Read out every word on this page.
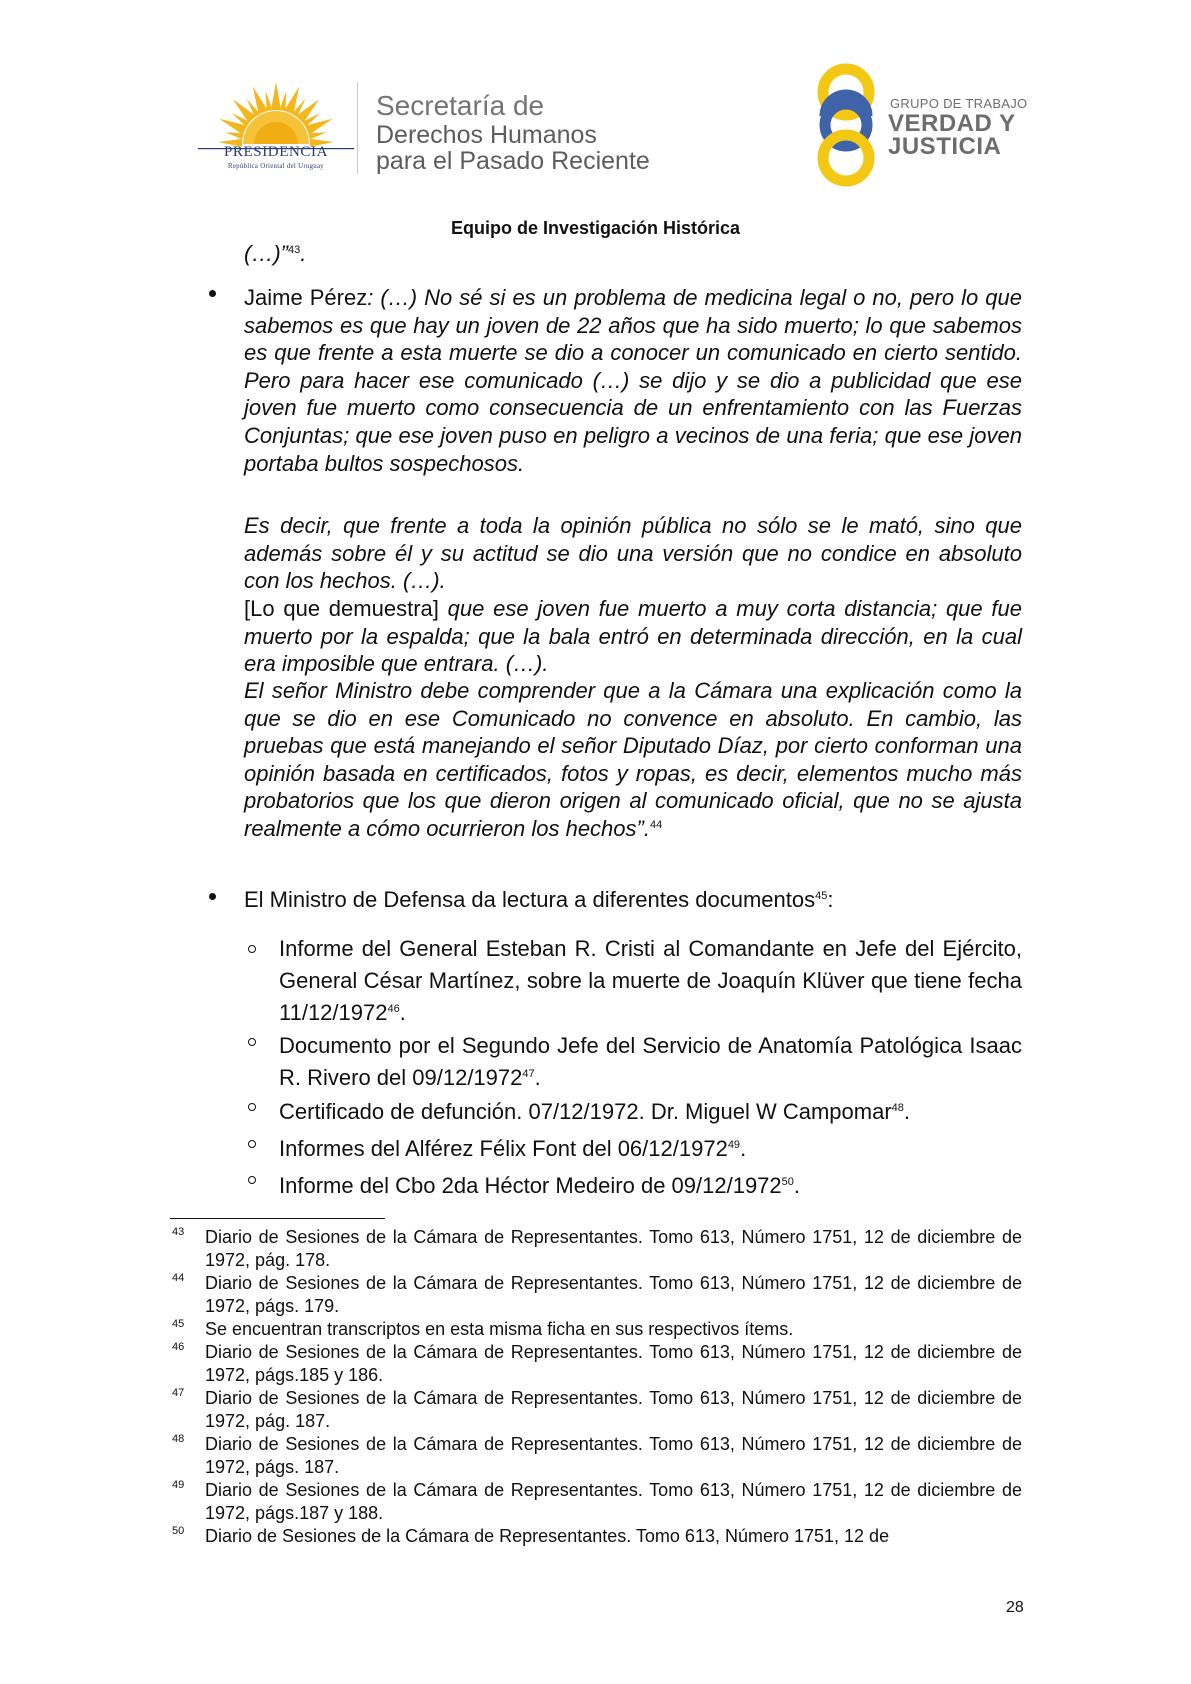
PRESIDENCIA
República Oriental del Uruguay
Secretaría de
Derechos Humanos
para el Pasado Reciente
GRUPO DE TRABAJO
VERDAD Y
JUSTICIA
Equipo de Investigación Histórica
(…)”$^{43}$.
Jaime Pérez: (…) No sé si es un problema de medicina legal o no, pero lo que sabemos es que hay un joven de 22 años que ha sido muerto; lo que sabemos es que frente a esta muerte se dio a conocer un comunicado en cierto sentido. Pero para hacer ese comunicado (…) se dijo y se dio a publicidad que ese joven fue muerto como consecuencia de un enfrentamiento con las Fuerzas Conjuntas; que ese joven puso en peligro a vecinos de una feria; que ese joven portaba bultos sospechosos.
Es decir, que frente a toda la opinión pública no sólo se le mató, sino que además sobre él y su actitud se dio una versión que no condice en absoluto con los hechos. (…).
[Lo que demuestra] que ese joven fue muerto a muy corta distancia; que fue muerto por la espalda; que la bala entró en determinada dirección, en la cual era imposible que entrara. (…).
El señor Ministro debe comprender que a la Cámara una explicación como la que se dio en ese Comunicado no convence en absoluto. En cambio, las pruebas que está manejando el señor Diputado Díaz, por cierto conforman una opinión basada en certificados, fotos y ropas, es decir, elementos mucho más probatorios que los que dieron origen al comunicado oficial, que no se ajusta realmente a cómo ocurrieron los hechos”.$^{44}$
El Ministro de Defensa da lectura a diferentes documentos$^{45}$:
Informe del General Esteban R. Cristi al Comandante en Jefe del Ejército, General César Martínez, sobre la muerte de Joaquín Klüver que tiene fecha 11/12/1972$^{46}$.
Documento por el Segundo Jefe del Servicio de Anatomía Patológica Isaac R. Rivero del 09/12/1972$^{47}$.
Certificado de defunción. 07/12/1972. Dr. Miguel W Campomar$^{48}$.
Informes del Alférez Félix Font del 06/12/1972$^{49}$.
Informe del Cbo 2da Héctor Medeiro de 09/12/1972$^{50}$.
43 Diario de Sesiones de la Cámara de Representantes. Tomo 613, Número 1751, 12 de diciembre de 1972, pág. 178.
44 Diario de Sesiones de la Cámara de Representantes. Tomo 613, Número 1751, 12 de diciembre de 1972, págs. 179.
45 Se encuentran transcriptos en esta misma ficha en sus respectivos ítems.
46 Diario de Sesiones de la Cámara de Representantes. Tomo 613, Número 1751, 12 de diciembre de 1972, págs.185 y 186.
47 Diario de Sesiones de la Cámara de Representantes. Tomo 613, Número 1751, 12 de diciembre de 1972, pág. 187.
48 Diario de Sesiones de la Cámara de Representantes. Tomo 613, Número 1751, 12 de diciembre de 1972, págs. 187.
49 Diario de Sesiones de la Cámara de Representantes. Tomo 613, Número 1751, 12 de diciembre de 1972, págs.187 y 188.
50 Diario de Sesiones de la Cámara de Representantes. Tomo 613, Número 1751, 12 de
28
